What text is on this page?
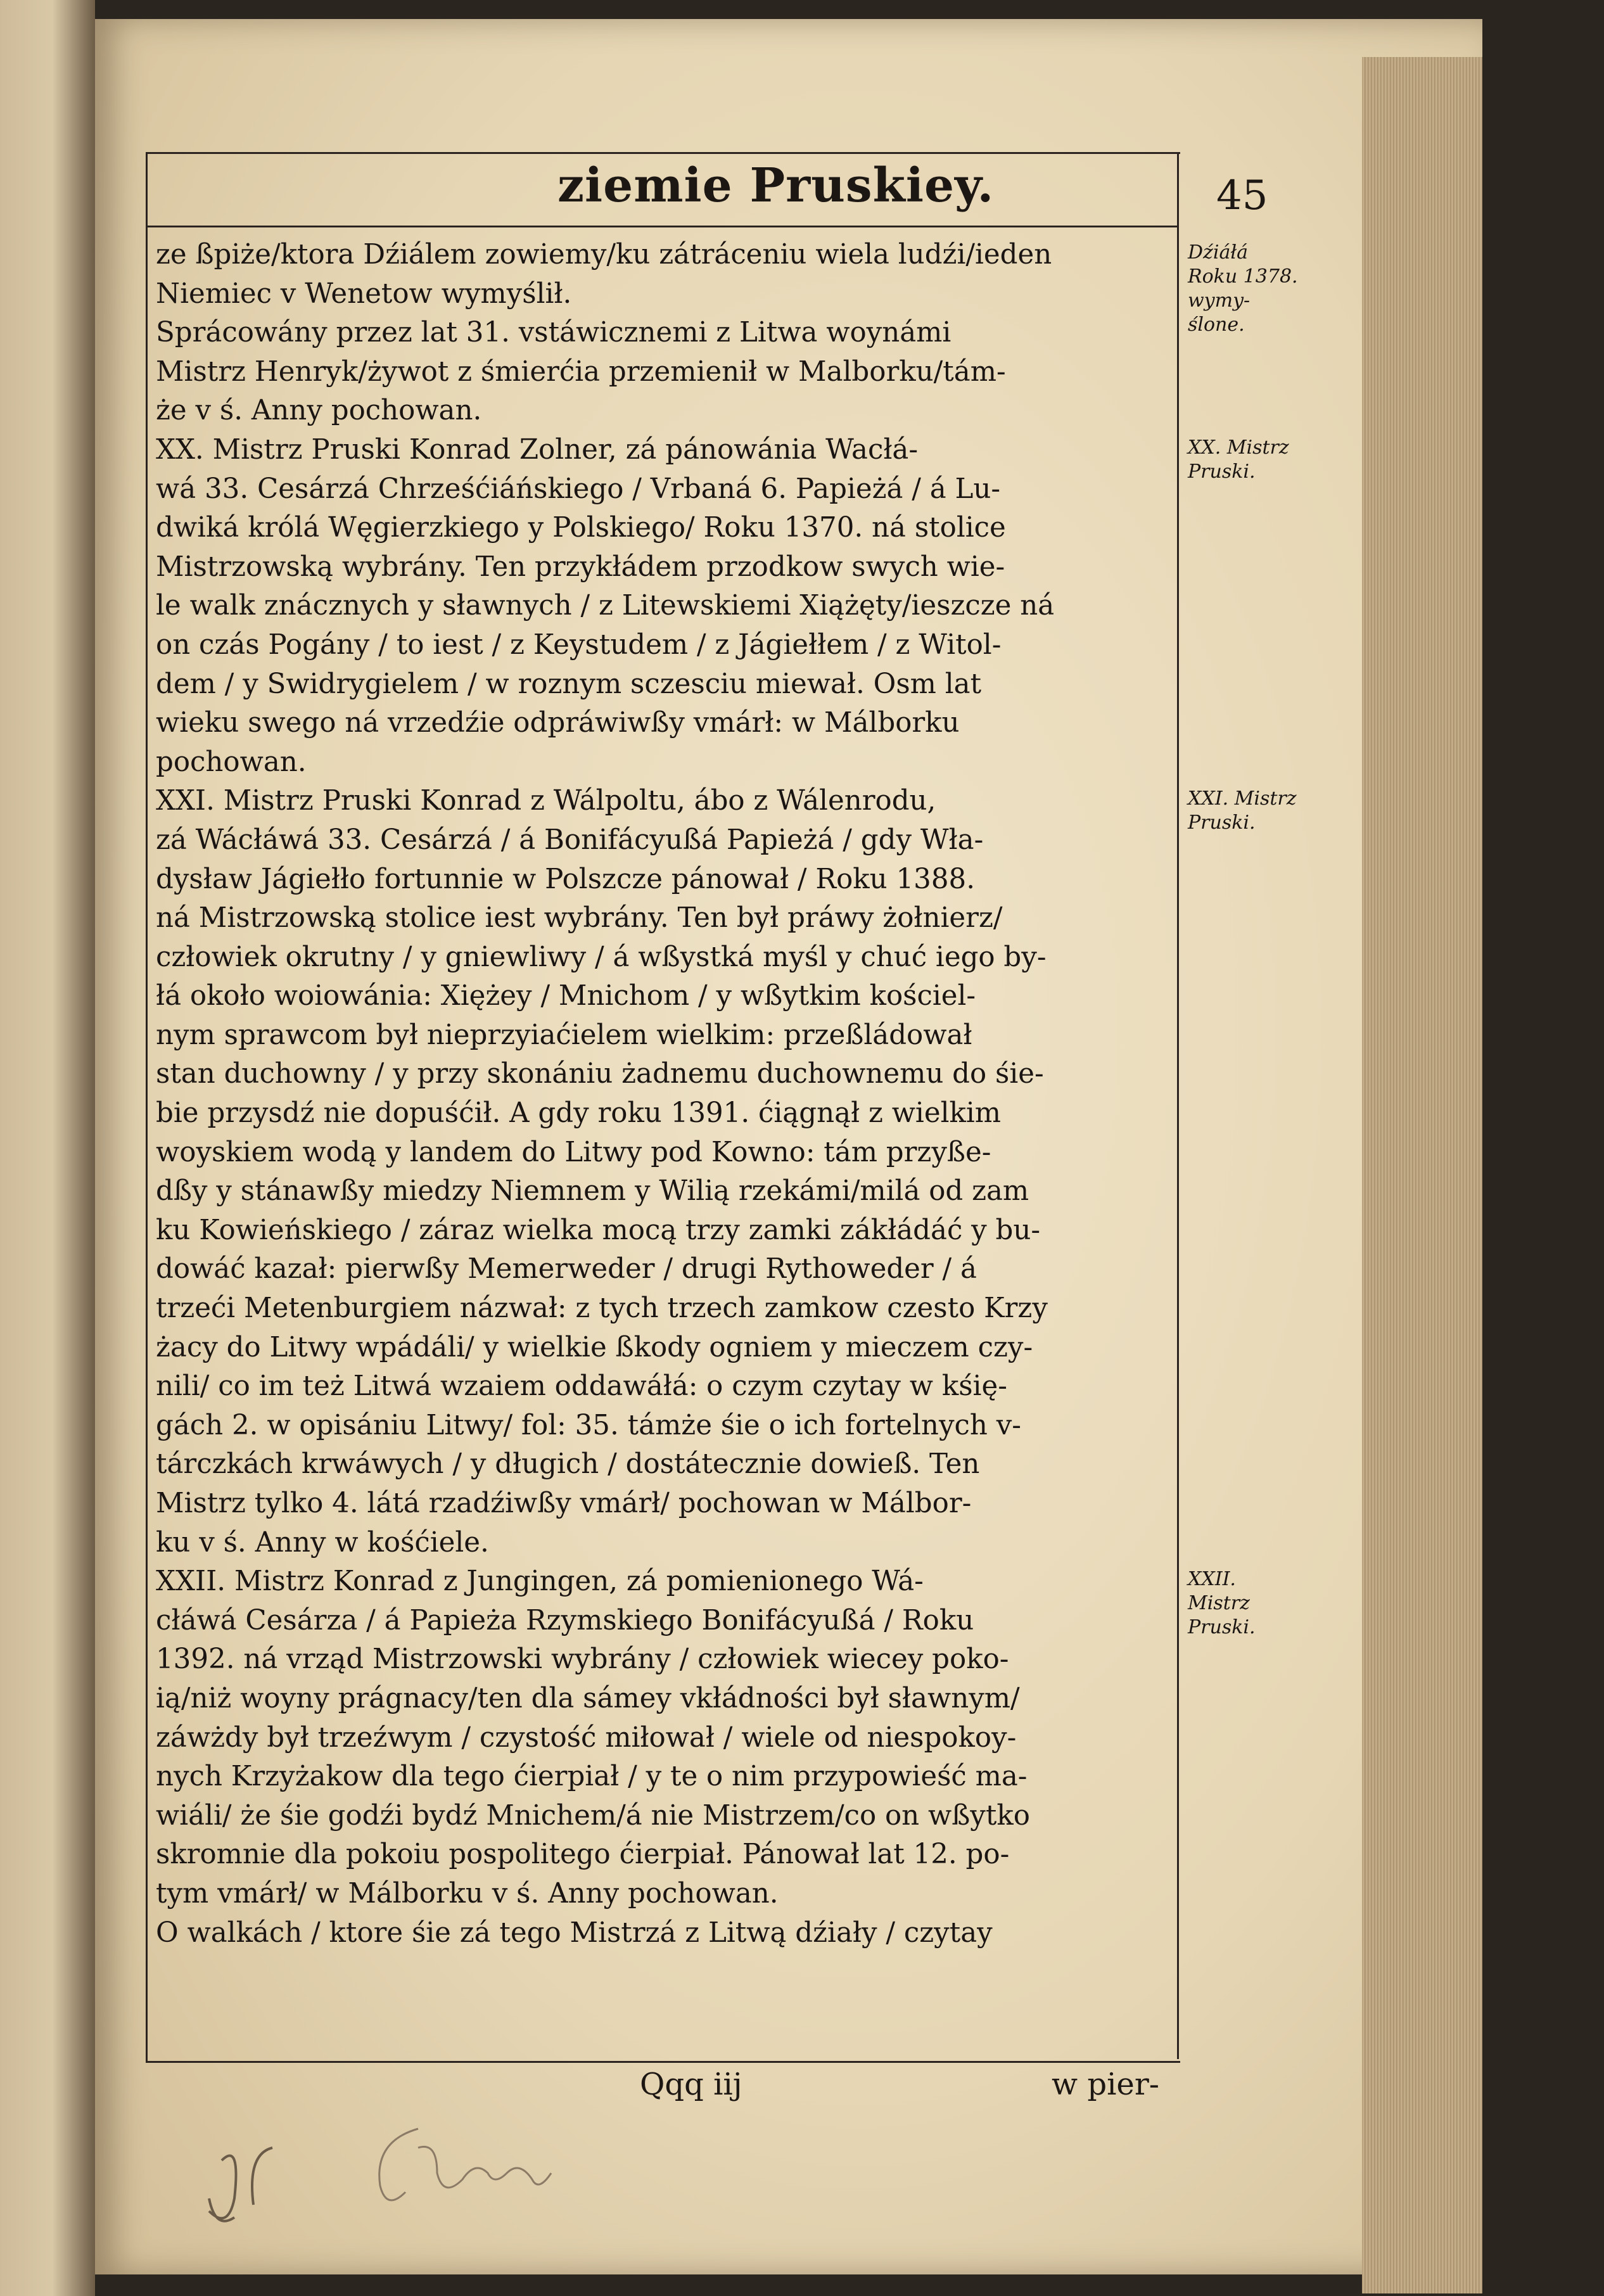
ziemie Pruskiey.	45
ze ßpiże/ktora Dźiálem zowiemy/ku zátráceniu wiela ludźi/ieden
Niemiec v Wenetow wymyślił.
Sprácowány przez lat 31. vstáwicznemi z Litwa woynámi
Mistrz Henryk/żywot z śmierćia przemienił w Malborku/tám-
że v ś. Anny pochowan.
XX. Mistrz Pruski Konrad Zolner, zá pánowánia Wacłá-
wá 33. Cesárzá Chrześćiáńskiego / Vrbaná 6. Papieżá / á Lu-
dwiká królá Węgierzkiego y Polskiego/ Roku 1370. ná stolice
Mistrzowską wybrány. Ten przykłádem przodkow swych wie-
le walk znácznych y sławnych / z Litewskiemi Xiążęty/ieszcze ná
on czás Pogány / to iest / z Keystudem / z Jágiełłem / z Witol-
dem / y Swidrygielem / w roznym sczesciu miewał. Osm lat
wieku swego ná vrzedźie odpráwiwßy vmárł: w Málborku
pochowan.
XXI. Mistrz Pruski Konrad z Wálpoltu, ábo z Wálenrodu,
zá Wácłáwá 33. Cesárzá / á Bonifácyußá Papieżá / gdy Wła-
dysław Jágiełło fortunnie w Polszcze pánował / Roku 1388.
ná Mistrzowską stolice iest wybrány. Ten był práwy żołnierz/
człowiek okrutny / y gniewliwy / á wßystká myśl y chuć iego by-
łá około woiowánia: Xiężey / Mnichom / y wßytkim kościel-
nym sprawcom był nieprzyiaćielem wielkim: przeßládował
stan duchowny / y przy skonániu żadnemu duchownemu do śie-
bie przysdź nie dopuśćił. A gdy roku 1391. ćiągnął z wielkim
woyskiem wodą y landem do Litwy pod Kowno: tám przyße-
dßy y stánawßy miedzy Niemnem y Wilią rzekámi/milá od zam
ku Kowieńskiego / záraz wielka mocą trzy zamki zákłádáć y bu-
dowáć kazał: pierwßy Memerweder / drugi Rythoweder / á
trzeći Metenburgiem náz​wał: z tych trzech zamkow czesto Krzy
żacy do Litwy wpádáli/ y wielkie ßkody ogniem y mieczem czy-
nili/ co im też Litwá wzaiem oddawáłá: o czym czytay w kśię-
gách 2. w opisániu Litwy/ fol: 35. támże śie o ich fortelnych v-
tárczkách krwáwych / y długich / dostátecznie dowieß. Ten
Mistrz tylko 4. látá rzadźiwßy vmárł/ pochowan w Málbor-
ku v ś. Anny w kośćiele.
XXII. Mistrz Konrad z Jungingen, zá pomienionego Wá-
cłáwá Cesárza / á Papieża Rzymskiego Bonifácyußá / Roku
1392. ná vrząd Mistrzowski wybrány / człowiek wiecey poko-
ią/niż woyny prágnacy/ten dla sámey vkłádności był sławnym/
záwżdy był trzeźwym / czystość miłował / wiele od niespokoy-
nych Krzyżakow dla tego ćierpiał / y te o nim przypowieść ma-
wiáli/ że śie godźi bydź Mnichem/á nie Mistrzem/co on wßytko
skromnie dla pokoiu pospolitego ćierpiał. Pánował lat 12. po-
tym vmárł/ w Málborku v ś. Anny pochowan.
O walkách / ktore śie zá tego Mistrzá z Litwą dźiały / czytay
Dźiáłá Roku 1378. wymy-ślone.
XX. Mistrz Pruski.
XXI. Mistrz Pruski.
XXII. Mistrz Pruski.
Qqq iij	w pier-
